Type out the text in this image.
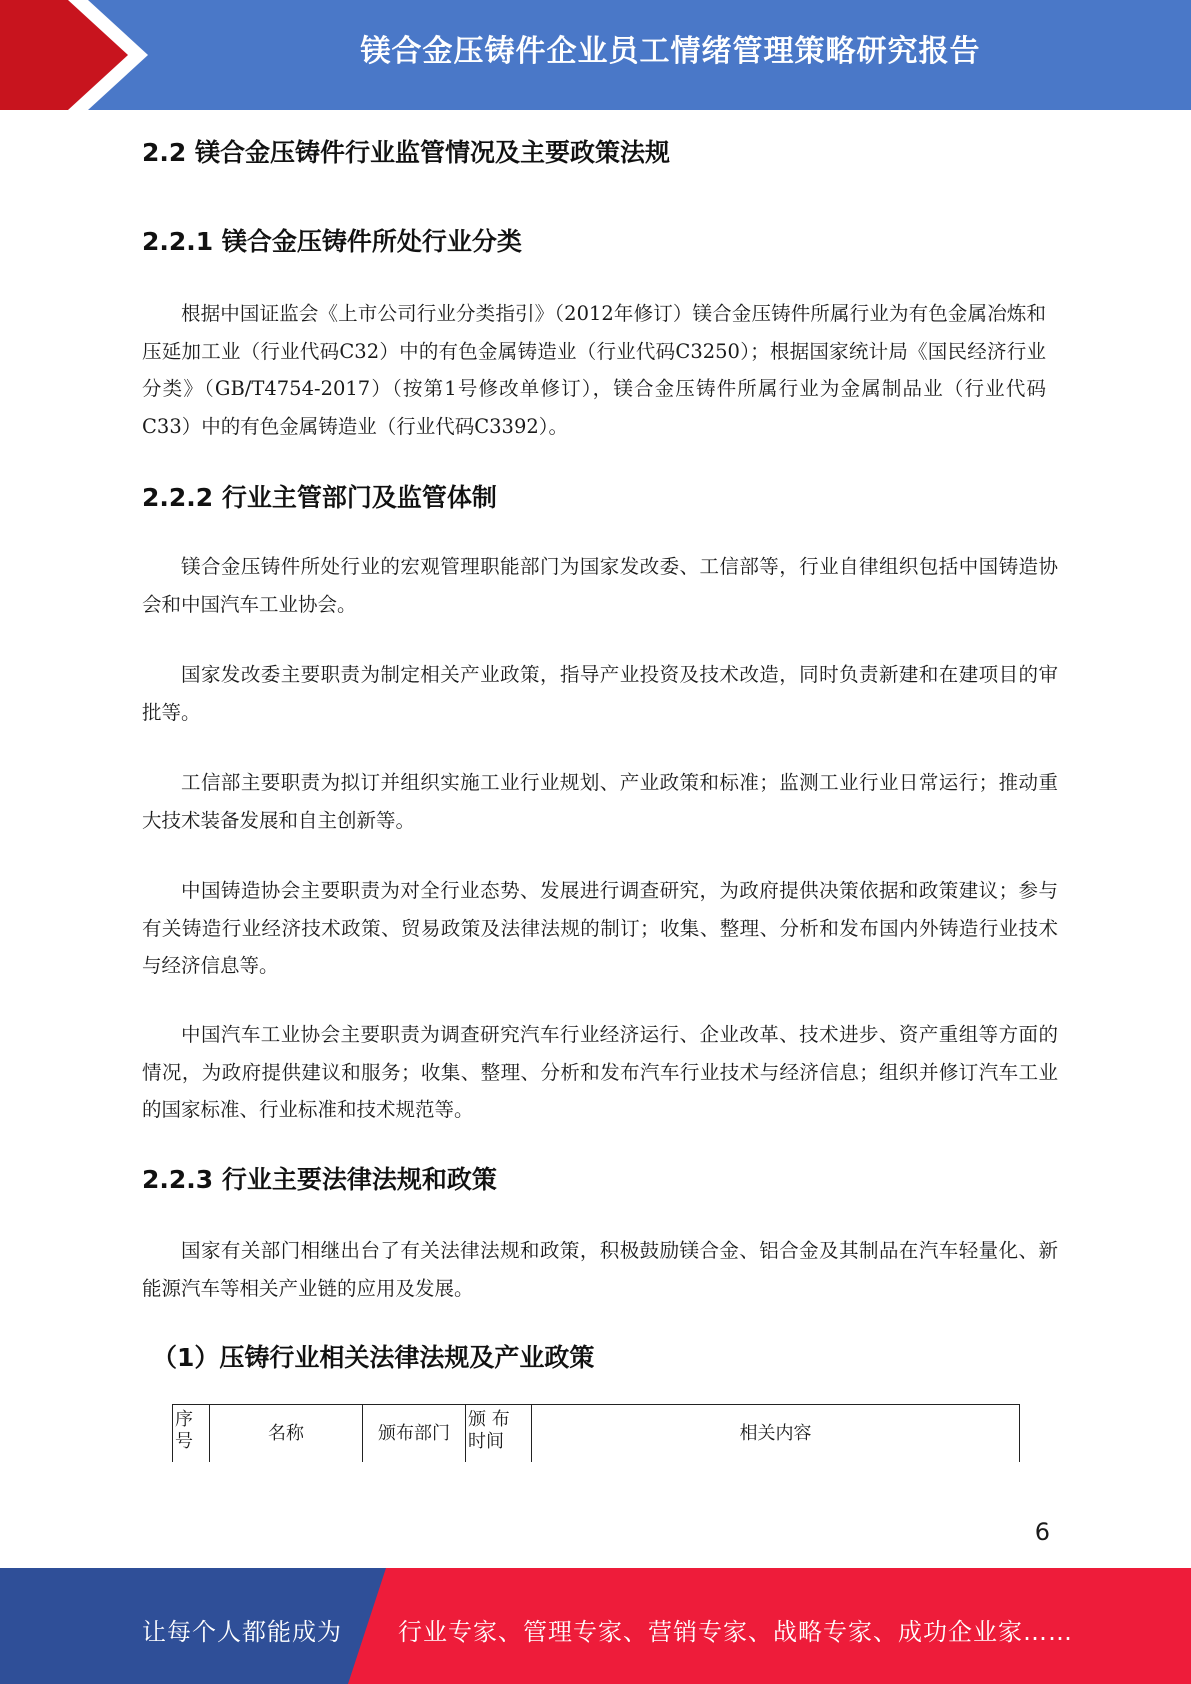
镁合金压铸件企业员工情绪管理策略研究报告
2.2 镁合金压铸件行业监管情况及主要政策法规
2.2.1 镁合金压铸件所处行业分类

根据中国证监会《上市公司行业分类指引》（2012年修订）镁合金压铸件所属行业为有色金属冶炼和压延加工业（行业代码C32）中的有色金属铸造业（行业代码C3250）；根据国家统计局《国民经济行业分类》（GB/T4754-2017）（按第1号修改单修订），镁合金压铸件所属行业为金属制品业（行业代码C33）中的有色金属铸造业（行业代码C3392）。

2.2.2 行业主管部门及监管体制

镁合金压铸件所处行业的宏观管理职能部门为国家发改委、工信部等，行业自律组织包括中国铸造协会和中国汽车工业协会。

国家发改委主要职责为制定相关产业政策，指导产业投资及技术改造，同时负责新建和在建项目的审批等。

工信部主要职责为拟订并组织实施工业行业规划、产业政策和标准；监测工业行业日常运行；推动重大技术装备发展和自主创新等。

中国铸造协会主要职责为对全行业态势、发展进行调查研究，为政府提供决策依据和政策建议；参与有关铸造行业经济技术政策、贸易政策及法律法规的制订；收集、整理、分析和发布国内外铸造行业技术与经济信息等。

中国汽车工业协会主要职责为调查研究汽车行业经济运行、企业改革、技术进步、资产重组等方面的情况，为政府提供建议和服务；收集、整理、分析和发布汽车行业技术与经济信息；组织并修订汽车工业的国家标准、行业标准和技术规范等。

2.2.3 行业主要法律法规和政策

国家有关部门相继出台了有关法律法规和政策，积极鼓励镁合金、铝合金及其制品在汽车轻量化、新能源汽车等相关产业链的应用及发展。

（1）压铸行业相关法律法规及产业政策
序号	名称	颁布部门	颁 布 时间	相关内容
6
让每个人都能成为 行业专家、管理专家、营销专家、战略专家、成功企业家……
